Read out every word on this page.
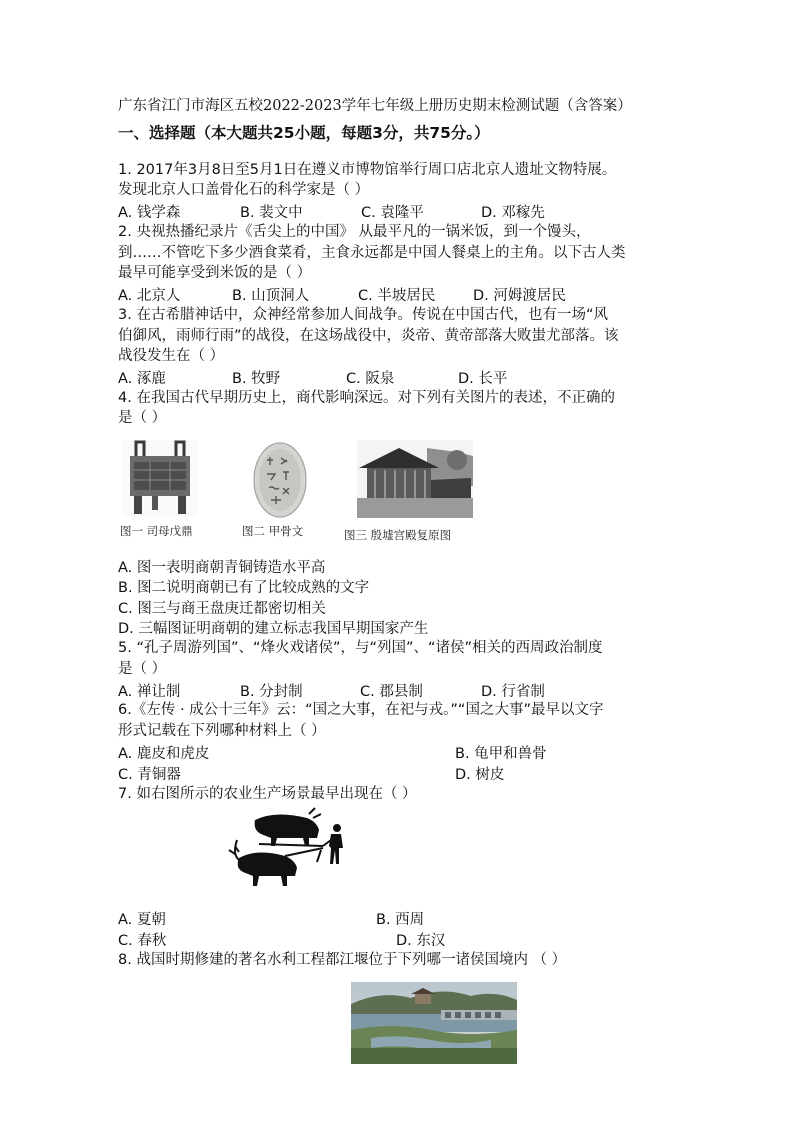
广东省江门市海区五校2022-2023学年七年级上册历史期末检测试题（含答案）
一、选择题（本大题共25小题，每题3分，共75分。）
1. 2017年3月8日至5月1日在遵义市博物馆举行周口店北京人遗址文物特展。
发现北京人口盖骨化石的科学家是（ ）
A. 钱学森	B. 裴文中	C. 袁隆平	D. 邓稼先
2. 央视热播纪录片《舌尖上的中国》 从最平凡的一锅米饭，到一个馒头，
到……不管吃下多少酒食菜肴，主食永远都是中国人餐桌上的主角。以下古人类
最早可能享受到米饭的是（ ）
A. 北京人	B. 山顶洞人	C. 半坡居民	D. 河姆渡居民
3. 在古希腊神话中，众神经常参加人间战争。传说在中国古代，也有一场“风
伯御风，雨师行雨”的战役，在这场战役中，炎帝、黄帝部落大败蚩尤部落。该
战役发生在（ ）
A. 涿鹿	B. 牧野	C. 阪泉	D. 长平
4. 在我国古代早期历史上，商代影响深远。对下列有关图片的表述，不正确的
是（ ）
图一 司母戊鼎	图二 甲骨文	图三 殷墟宫殿复原图
A. 图一表明商朝青铜铸造水平高
B. 图二说明商朝已有了比较成熟的文字
C. 图三与商王盘庚迁都密切相关
D. 三幅图证明商朝的建立标志我国早期国家产生
5. “孔子周游列国”、“烽火戏诸侯”，与“列国”、“诸侯”相关的西周政治制度
是（ ）
A. 禅让制	B. 分封制	C. 郡县制	D. 行省制
6.《左传 · 成公十三年》云：“国之大事，在祀与戎。”“国之大事”最早以文字
形式记载在下列哪种材料上（ ）
A. 鹿皮和虎皮	B. 龟甲和兽骨
C. 青铜器	D. 树皮
7. 如右图所示的农业生产场景最早出现在（ ）
A. 夏朝	B. 西周
C. 春秋	D. 东汉
8. 战国时期修建的著名水利工程都江堰位于下列哪一诸侯国境内 （ ）
